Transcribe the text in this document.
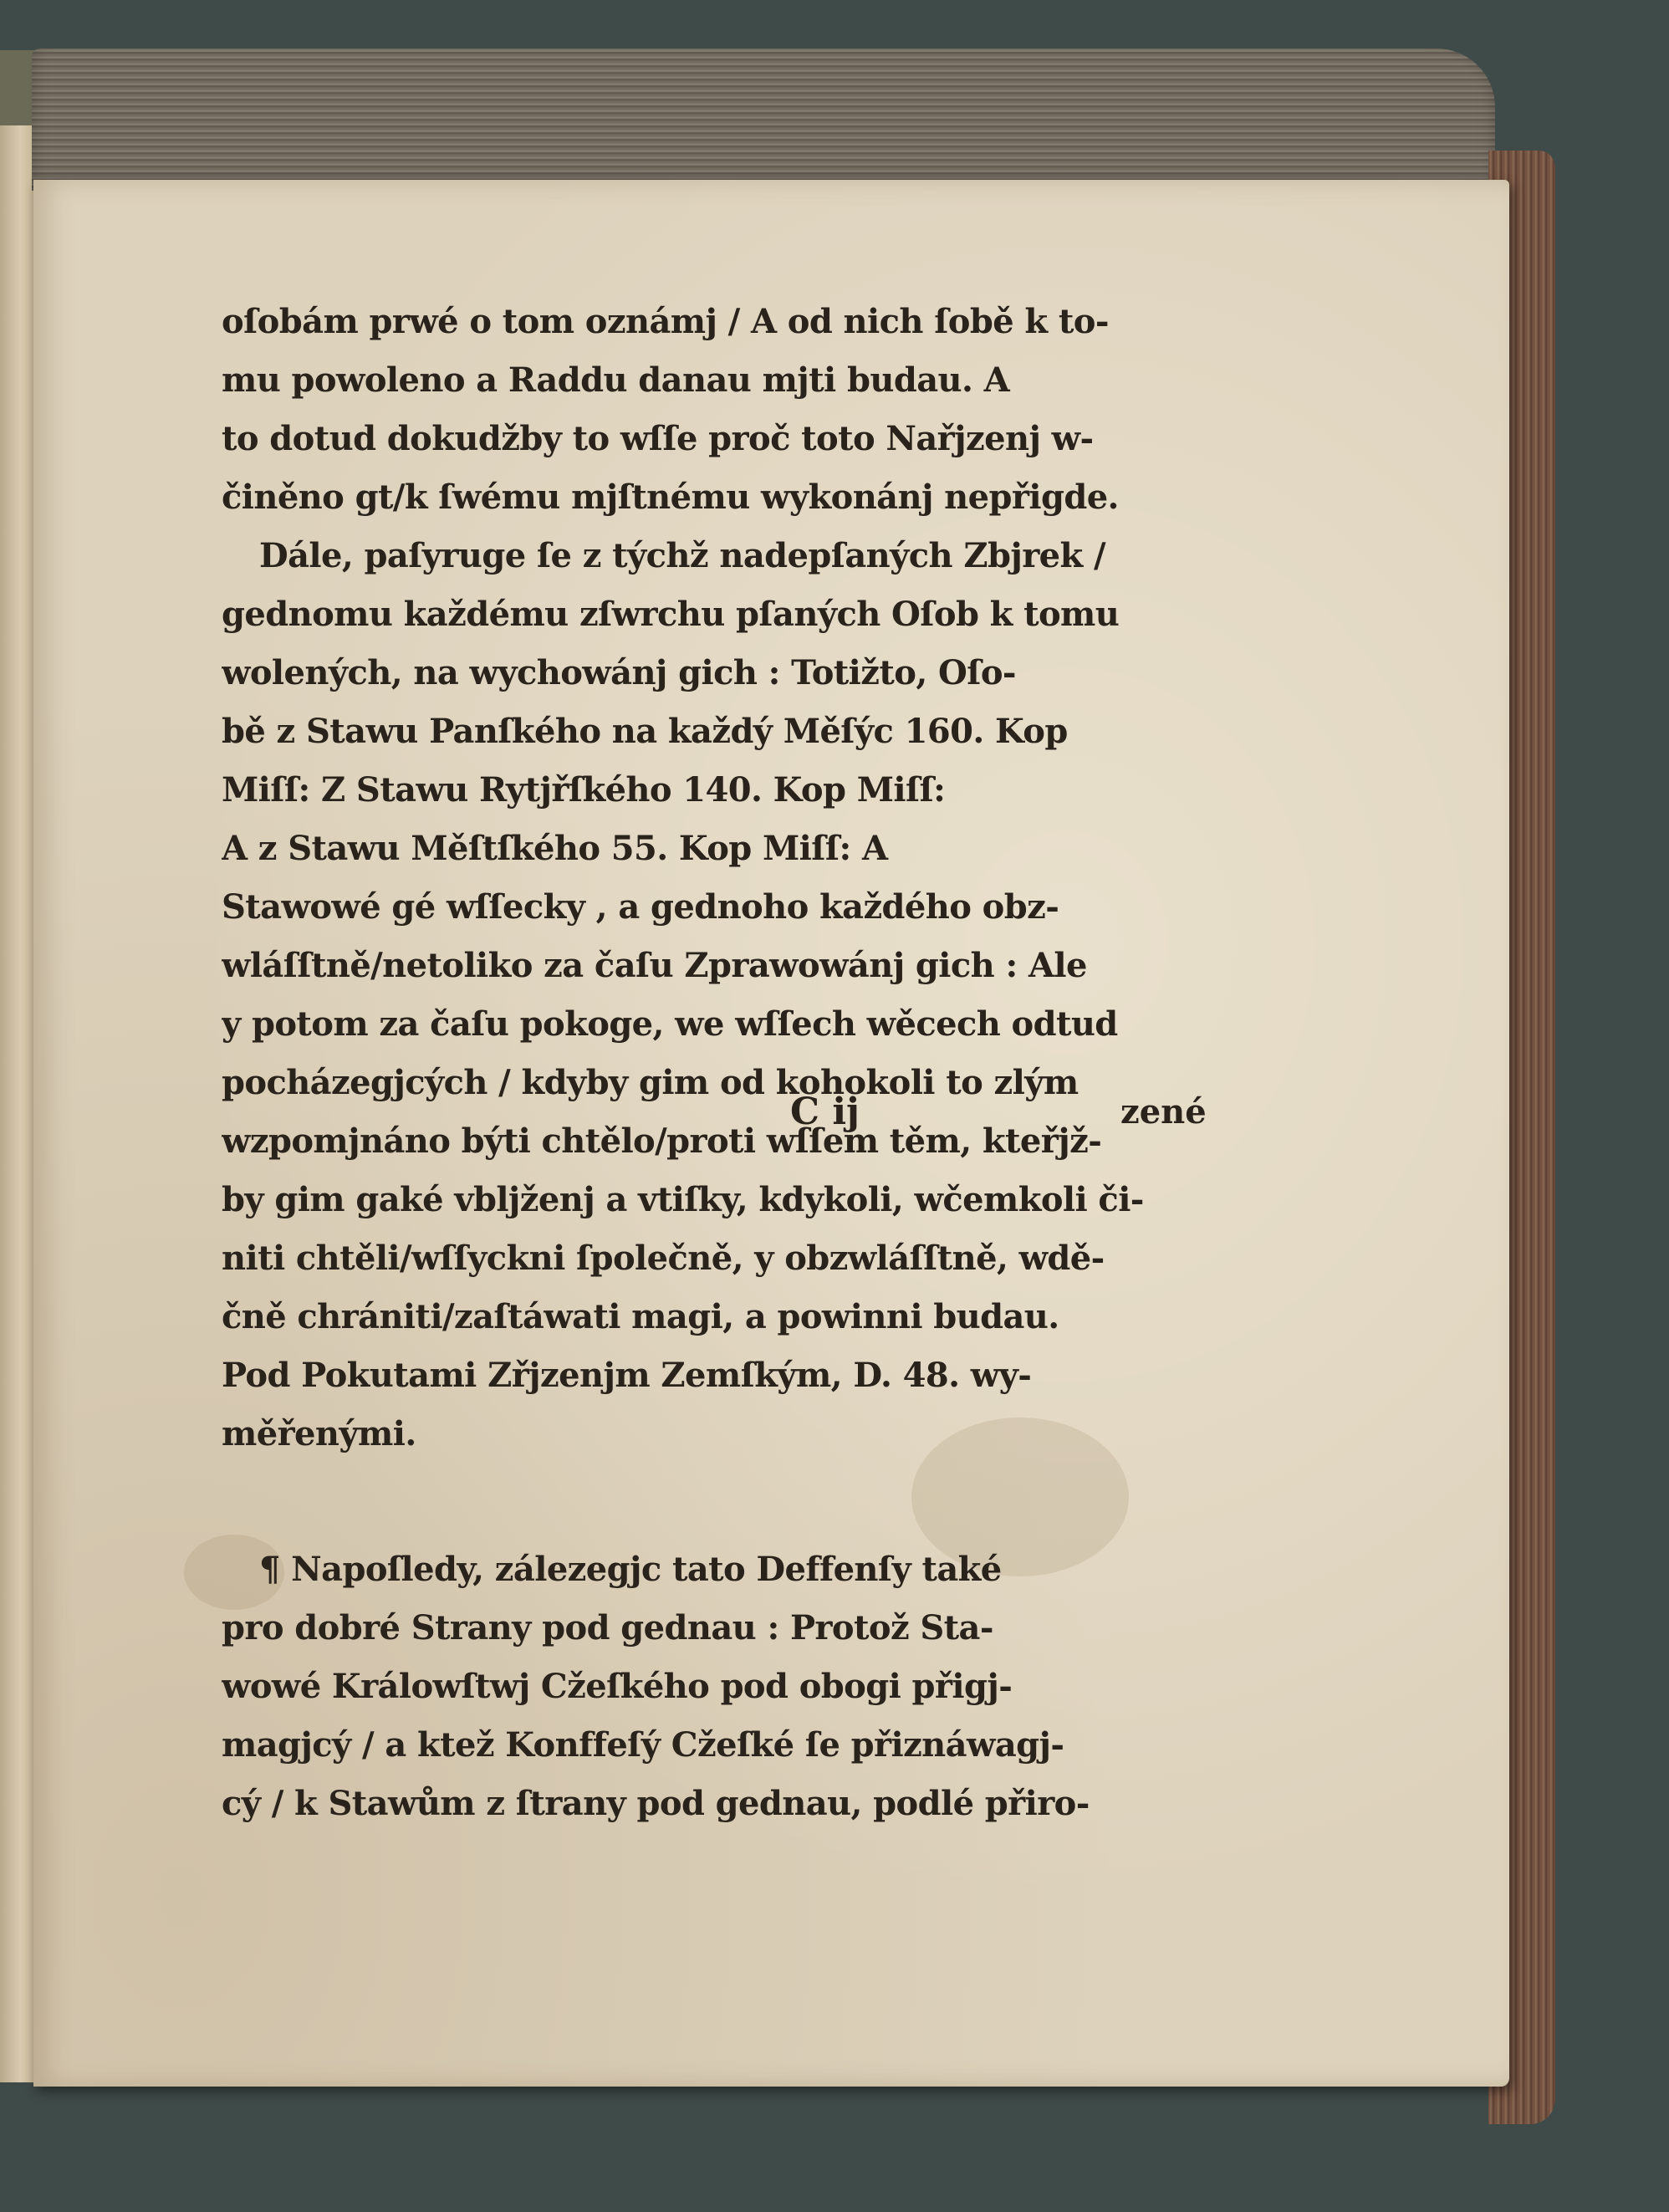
oſobám prwé o tom oznámj / A od nich ſobě k to-
mu powoleno a Raddu danau mjti budau. A
to dotud dokudžby to wſſe proč toto Nařjzenj w-
činěno gt/k ſwému mjſtnému wykonánj nepřigde.
Dále, paſyruge ſe z týchž nadepſaných Zbjrek /
gednomu každému zſwrchu pſaných Oſob k tomu
wolených, na wychowánj gich : Totižto, Oſo-
bě z Stawu Panſkého na každý Měſýc 160. Kop
Miſſ: Z Stawu Rytjřſkého 140. Kop Miſſ:
A z Stawu Měſtſkého 55. Kop Miſſ: A
Stawowé gé wſſecky , a gednoho každého obz-
wláſſtně/netoliko za čaſu Zprawowánj gich : Ale
y potom za čaſu pokoge, we wſſech wěcech odtud
pocházegjcých / kdyby gim od kohokoli to zlým
wzpomjnáno býti chtělo/proti wſſem těm, kteřjž-
by gim gaké vbljženj a vtiſky, kdykoli, wčemkoli či-
niti chtěli/wſſyckni ſpolečně, y obzwláſſtně, wdě-
čně chrániti/zaſtáwati magi, a powinni budau.
Pod Pokutami Zřjzenjm Zemſkým, D. 48. wy-
měřenými.
¶ Napoſledy, zálezegjc tato Deffenſy také
pro dobré Strany pod gednau : Protož Sta-
wowé Králowſtwj Cžeſkého pod obogi přigj-
magjcý / a ktež Konffeſý Cžeſké ſe přiznáwagj-
cý / k Stawům z ſtrany pod gednau, podlé přiro-
C ij	zené
